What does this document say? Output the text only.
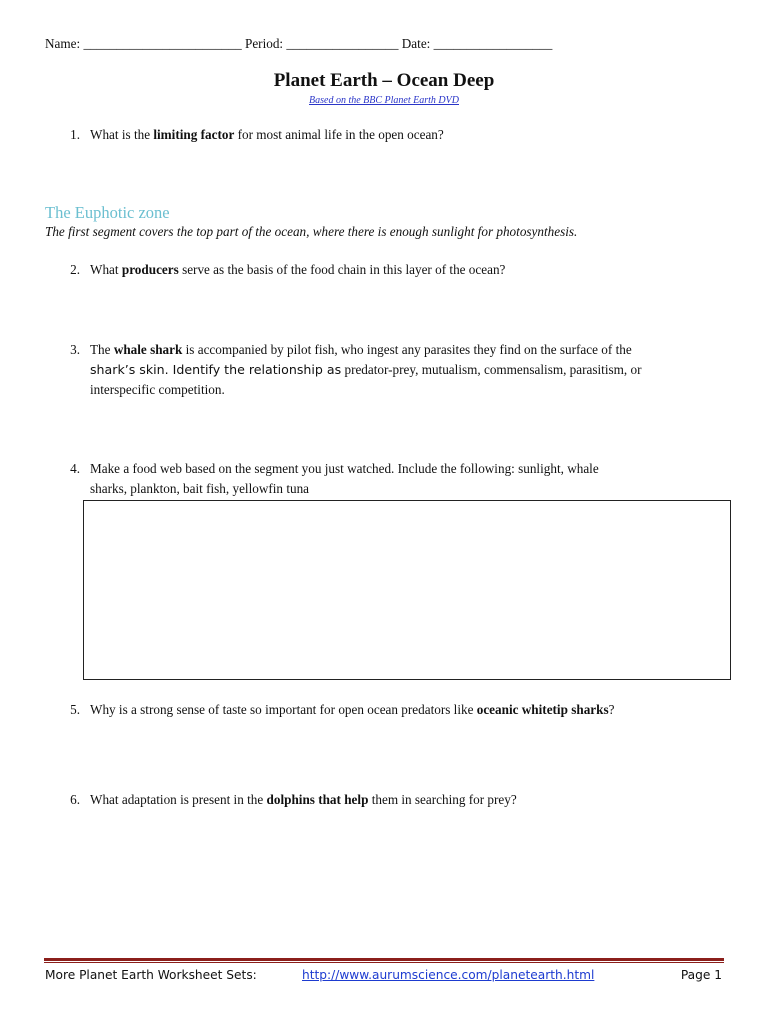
Name: ________________________ Period: _________________ Date: __________________
Planet Earth – Ocean Deep
Based on the BBC Planet Earth DVD
1. What is the limiting factor for most animal life in the open ocean?
The Euphotic zone
The first segment covers the top part of the ocean, where there is enough sunlight for photosynthesis.
2. What producers serve as the basis of the food chain in this layer of the ocean?
3. The whale shark is accompanied by pilot fish, who ingest any parasites they find on the surface of the
shark’s skin. Identify the relationship as predator-prey, mutualism, commensalism, parasitism, or
interspecific competition.
4. Make a food web based on the segment you just watched. Include the following: sunlight, whale
sharks, plankton, bait fish, yellowfin tuna
5. Why is a strong sense of taste so important for open ocean predators like oceanic whitetip sharks?
6. What adaptation is present in the dolphins that help them in searching for prey?
More Planet Earth Worksheet Sets:	http://www.aurumscience.com/planetearth.html	Page 1
